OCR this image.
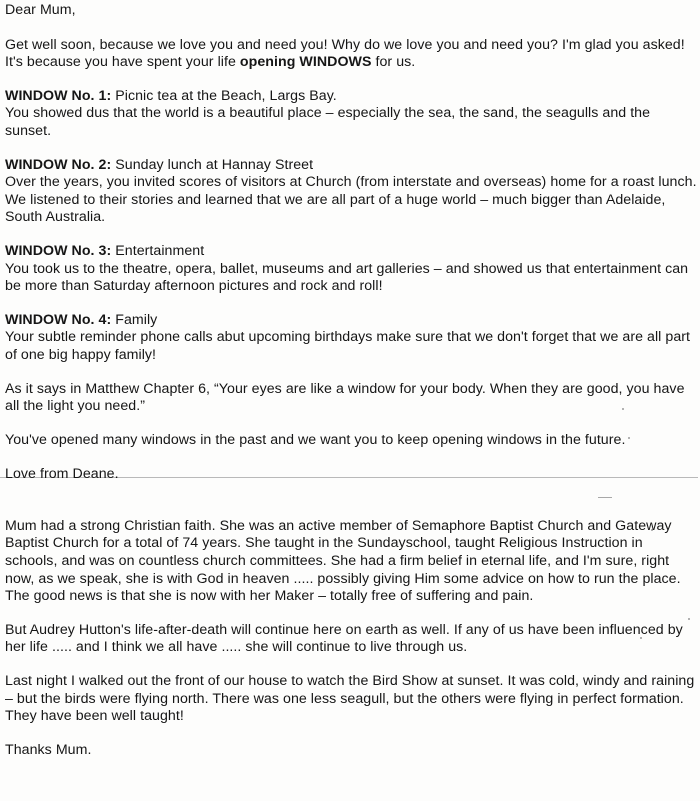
Dear Mum,

Get well soon, because we love you and need you! Why do we love you and need you? I'm glad you asked! It's because you have spent your life opening WINDOWS for us.

WINDOW No. 1: Picnic tea at the Beach, Largs Bay.

You showed dus that the world is a beautiful place – especially the sea, the sand, the seagulls and the sunset.

WINDOW No. 2: Sunday lunch at Hannay Street

Over the years, you invited scores of visitors at Church (from interstate and overseas) home for a roast lunch. We listened to their stories and learned that we are all part of a huge world – much bigger than Adelaide, South Australia.

WINDOW No. 3: Entertainment

You took us to the theatre, opera, ballet, museums and art galleries – and showed us that entertainment can be more than Saturday afternoon pictures and rock and roll!

WINDOW No. 4: Family

Your subtle reminder phone calls abut upcoming birthdays make sure that we don't forget that we are all part of one big happy family!

As it says in Matthew Chapter 6, “Your eyes are like a window for your body. When they are good, you have all the light you need.”

You've opened many windows in the past and we want you to keep opening windows in the future.

Love from Deane.

Mum had a strong Christian faith. She was an active member of Semaphore Baptist Church and Gateway Baptist Church for a total of 74 years. She taught in the Sundayschool, taught Religious Instruction in schools, and was on countless church committees. She had a firm belief in eternal life, and I'm sure, right now, as we speak, she is with God in heaven ..... possibly giving Him some advice on how to run the place. The good news is that she is now with her Maker – totally free of suffering and pain.

But Audrey Hutton's life-after-death will continue here on earth as well. If any of us have been influenced by her life ..... and I think we all have ..... she will continue to live through us.

Last night I walked out the front of our house to watch the Bird Show at sunset. It was cold, windy and raining – but the birds were flying north. There was one less seagull, but the others were flying in perfect formation. They have been well taught!

Thanks Mum.
